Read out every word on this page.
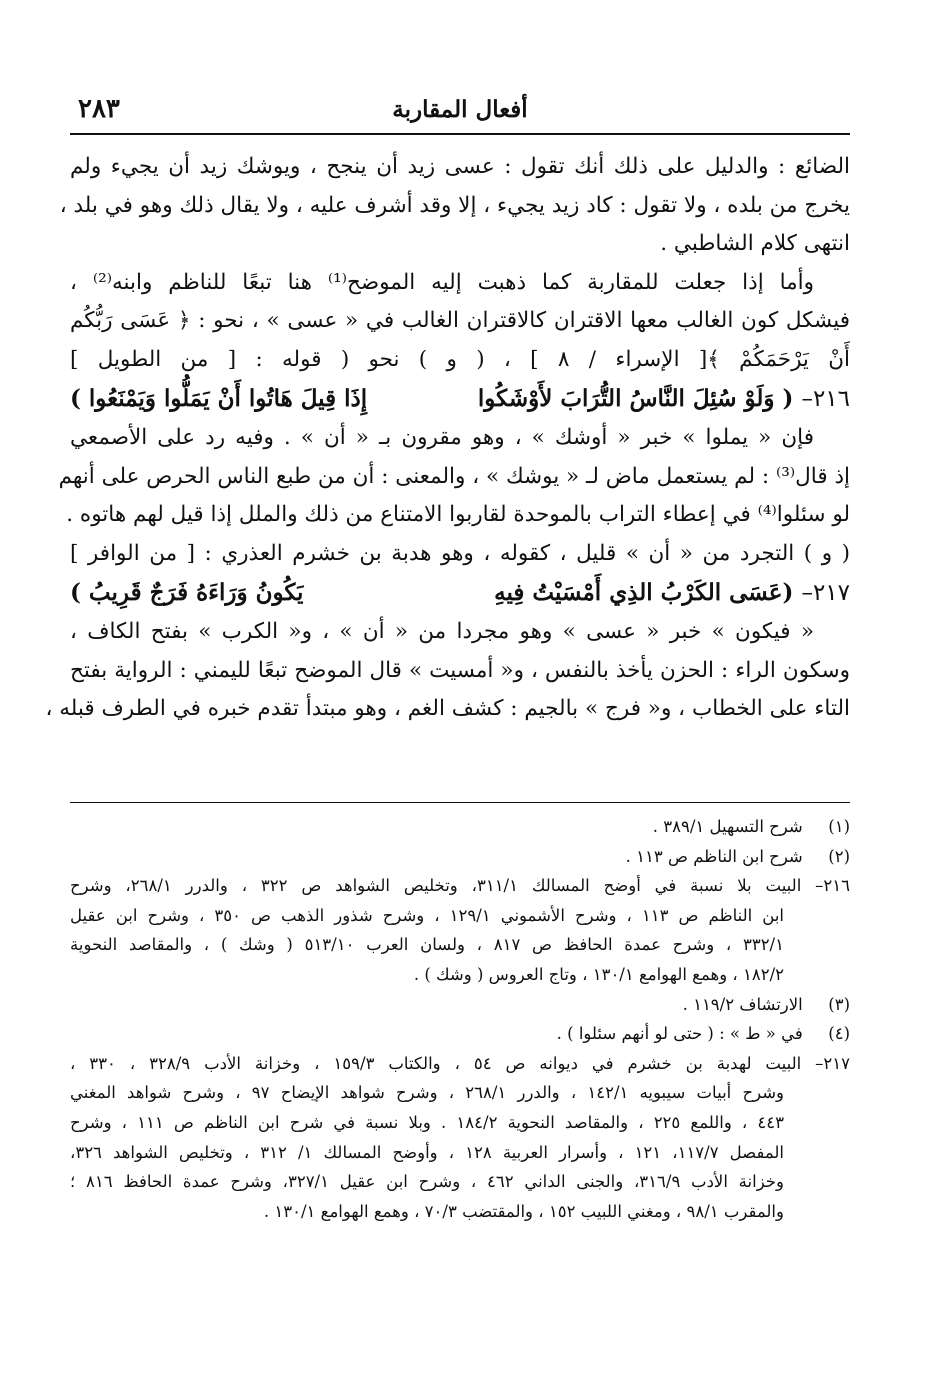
أفعال المقاربة
٢٨٣
الضائع : والدليل على ذلك أنك تقول : عسى زيد أن ينجح ، ويوشك زيد أن يجيء ولم
يخرج من بلده ، ولا تقول : كاد زيد يجيء ، إلا وقد أشرف عليه ، ولا يقال ذلك وهو في بلد ،
انتهى كلام الشاطبي .
وأما إذا جعلت للمقاربة كما ذهبت إليه الموضح⁽¹⁾ هنا تبعًا للناظم وابنه⁽²⁾ ،
فيشكل كون الغالب معها الاقتران كالاقتران الغالب في « عسى » ، نحو : ﴿ عَسَى رَبُّكُم
أَنْ يَرْحَمَكُمْ ﴾[ الإسراء / ٨ ] ، ( و ) نحو ( قوله : [ من الطويل ]
٢١٦– ( وَلَوْ سُئِلَ النَّاسُ التُّرَابَ لأَوْشَكُوا
إِذَا قِيلَ هَاتُوا أَنْ يَمَلُّوا وَيَمْنَعُوا )
فإن « يملوا » خبر « أوشك » ، وهو مقرون بـ « أن » . وفيه رد على الأصمعي
إذ قال⁽³⁾ : لم يستعمل ماض لـ « يوشك » ، والمعنى : أن من طبع الناس الحرص على أنهم
لو سئلوا⁽⁴⁾ في إعطاء التراب بالموحدة لقاربوا الامتناع من ذلك والملل إذا قيل لهم هاتوه .
( و ) التجرد من « أن » قليل ، كقوله ، وهو هدبة بن خشرم العذري : [ من الوافر ]
٢١٧– (عَسَى الكَرْبُ الذِي أَمْسَيْتُ فِيهِ
يَكُونُ وَرَاءَهُ فَرَجٌ قَرِيبُ )
« فيكون » خبر « عسى » وهو مجردا من « أن » ، و« الكرب » بفتح الكاف ،
وسكون الراء : الحزن يأخذ بالنفس ، و« أمسيت » قال الموضح تبعًا لليمني : الرواية بفتح
التاء على الخطاب ، و« فرج » بالجيم : كشف الغم ، وهو مبتدأ تقدم خبره في الطرف قبله ،
(١) شرح التسهيل ٣٨٩/١ .
(٢) شرح ابن الناظم ص ١١٣ .
٢١٦– البيت بلا نسبة في أوضح المسالك ٣١١/١، وتخليص الشواهد ص ٣٢٢ ، والدرر ٢٦٨/١، وشرح
ابن الناظم ص ١١٣ ، وشرح الأشموني ١٢٩/١ ، وشرح شذور الذهب ص ٣٥٠ ، وشرح ابن عقيل
٣٣٢/١ ، وشرح عمدة الحافظ ص ٨١٧ ، ولسان العرب ٥١٣/١٠ ( وشك ) ، والمقاصد النحوية
١٨٢/٢ ، وهمع الهوامع ١٣٠/١ ، وتاج العروس ( وشك ) .
(٣) الارتشاف ١١٩/٢ .
(٤) في « ط » : ( حتى لو أنهم سئلوا ) .
٢١٧– البيت لهدبة بن خشرم في ديوانه ص ٥٤ ، والكتاب ١٥٩/٣ ، وخزانة الأدب ٣٢٨/٩ ، ٣٣٠ ،
وشرح أبيات سيبويه ١٤٢/١ ، والدرر ٢٦٨/١ ، وشرح شواهد الإيضاح ٩٧ ، وشرح شواهد المغني
٤٤٣ ، واللمع ٢٢٥ ، والمقاصد النحوية ١٨٤/٢ . وبلا نسبة في شرح ابن الناظم ص ١١١ ، وشرح
المفصل ١١٧/٧، ١٢١ ، وأسرار العربية ١٢٨ ، وأوضح المسالك ١/ ٣١٢ ، وتخليص الشواهد ٣٢٦،
وخزانة الأدب ٣١٦/٩، والجنى الداني ٤٦٢ ، وشرح ابن عقيل ٣٢٧/١، وشرح عمدة الحافظ ٨١٦ ؛
والمقرب ٩٨/١ ، ومغني اللبيب ١٥٢ ، والمقتضب ٧٠/٣ ، وهمع الهوامع ١٣٠/١ .
